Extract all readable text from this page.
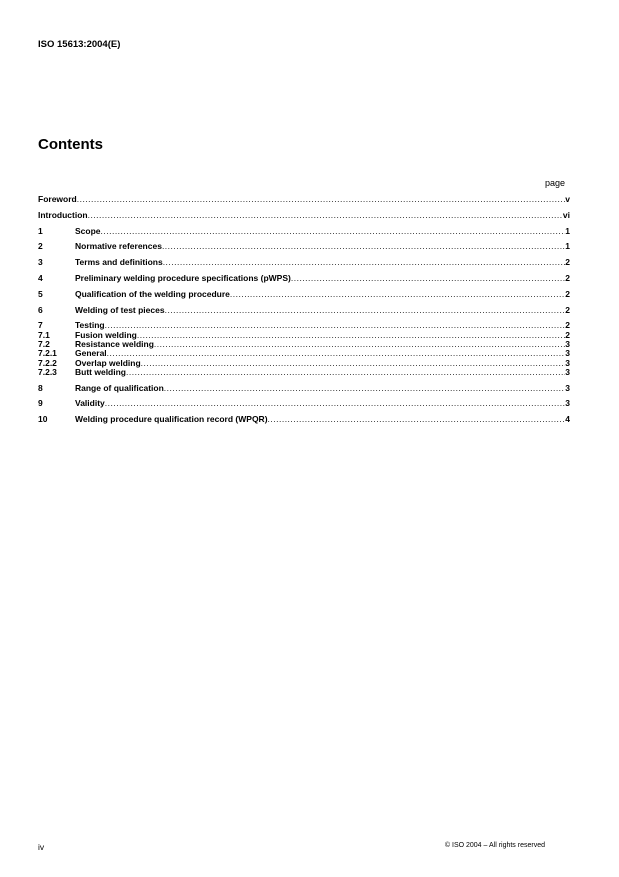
ISO 15613:2004(E)
Contents
page
Foreword .....	v
Introduction .....	vi
1	Scope .....	1
2	Normative references .....	1
3	Terms and definitions .....	2
4	Preliminary welding procedure specifications (pWPS) .....	2
5	Qualification of the welding procedure .....	2
6	Welding of test pieces .....	2
7	Testing .....	2
7.1	Fusion welding .....	2
7.2	Resistance welding .....	3
7.2.1	General .....	3
7.2.2	Overlap welding .....	3
7.2.3	Butt welding .....	3
8	Range of qualification .....	3
9	Validity .....	3
10	Welding procedure qualification record (WPQR) .....	4
iv	© ISO 2004 – All rights reserved
